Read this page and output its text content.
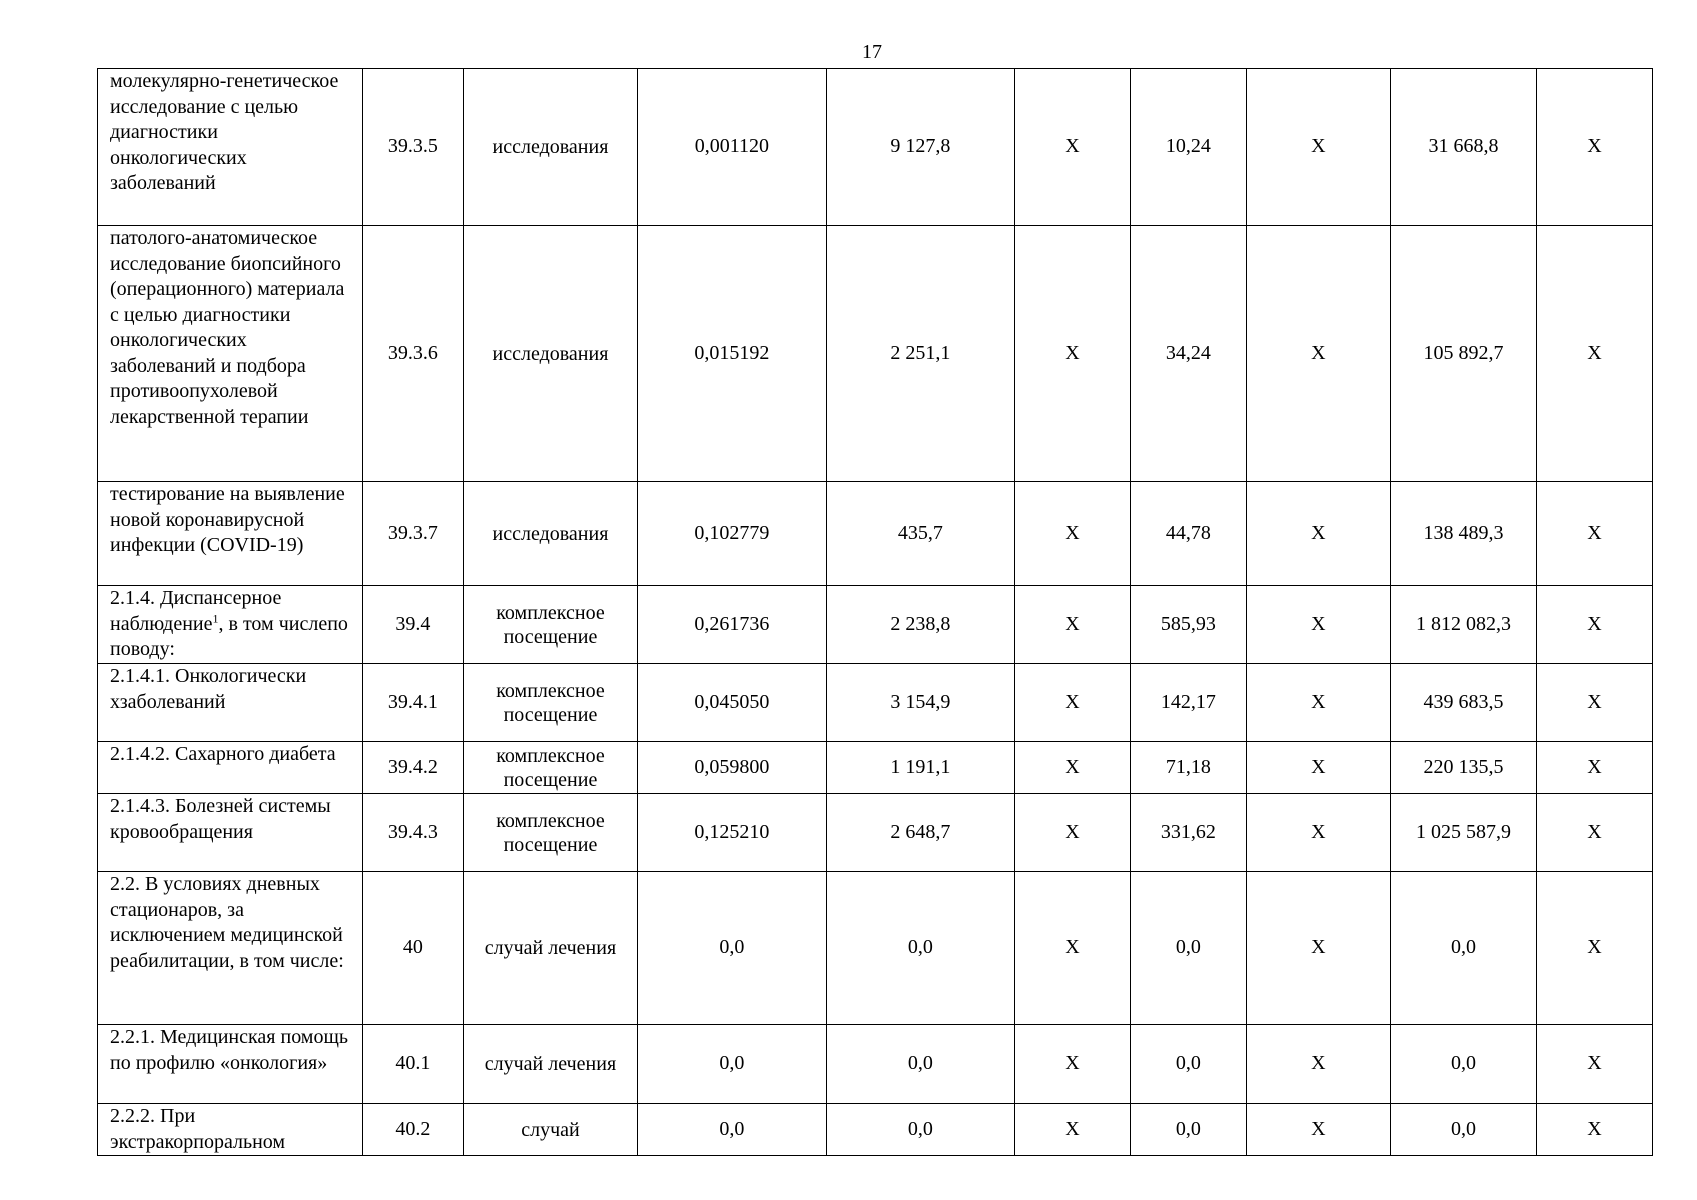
17
молекулярно-генетическое исследование с целью диагностики онкологических заболеваний	39.3.5	исследования	0,001120	9 127,8	Х	10,24	Х	31 668,8	Х
патолого-анатомическое исследование биопсийного (операционного) материала с целью диагностики онкологических заболеваний и подбора противоопухолевой лекарственной терапии	39.3.6	исследования	0,015192	2 251,1	Х	34,24	Х	105 892,7	Х
тестирование на выявление новой коронавирусной инфекции (COVID-19)	39.3.7	исследования	0,102779	435,7	Х	44,78	Х	138 489,3	Х
2.1.4. Диспансерное наблюдение$^1$, в том числепо поводу:	39.4	комплексное посещение	0,261736	2 238,8	Х	585,93	Х	1 812 082,3	Х
2.1.4.1. Онкологически хзаболеваний	39.4.1	комплексное посещение	0,045050	3 154,9	Х	142,17	Х	439 683,5	Х
2.1.4.2. Сахарного диабета	39.4.2	комплексное посещение	0,059800	1 191,1	Х	71,18	Х	220 135,5	Х
2.1.4.3. Болезней системы кровообращения	39.4.3	комплексное посещение	0,125210	2 648,7	Х	331,62	Х	1 025 587,9	Х
2.2. В условиях дневных стационаров, за исключением медицинской реабилитации, в том числе:	40	случай лечения	0,0	0,0	Х	0,0	Х	0,0	Х
2.2.1. Медицинская помощь по профилю «онкология»	40.1	случай лечения	0,0	0,0	Х	0,0	Х	0,0	Х
2.2.2. При экстракорпоральном	40.2	случай	0,0	0,0	Х	0,0	Х	0,0	Х
